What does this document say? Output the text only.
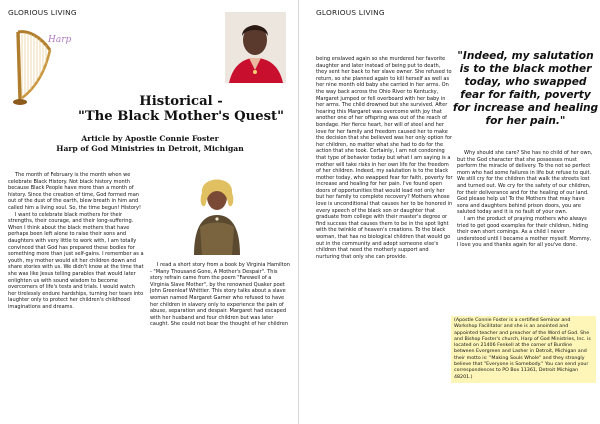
GLORIOUS LIVING
Harp
Historical -
"The Black Mother's Quest"
Article by Apostle Connie Foster
Harp of God Ministries in Detroit, Michigan

The month of February is the month when we celebrate Black History. Not black history month because Black People have more than a month of history. Since the creation of time, God formed man out of the dust of the earth, blew breath in him and called him a living soul. So, the time begun! History!

I want to celebrate black mothers for their strengths, their courage, and their long-suffering. When I think about the black mothers that have perhaps been left alone to raise their sons and daughters with very little to work with, I am totally convinced that God has prepared these bodies for something more than just self-gains. I remember as a youth, my mother would sit her children down and share stories with us. We didn't know at the time that she was like Jesus telling parables that would later enlighten us with sound wisdom to become overcomers of life's tests and trials. I would watch her tirelessly endure hardships, turning her tears into laughter only to protect her children's childhood imaginations and dreams.

I read a short story from a book by Virginia Hamilton - "Many Thousand Gone, A Mother's Despair". This story refrain came from the poem "Farewell of a Virginia Slave Mother", by the renowned Quaker poet John Greenleaf Whittier. This story talks about a slave woman named Margaret Garner who refused to have her children in slavery only to experience the pain of abuse, separation and despair. Margaret had escaped with her husband and four children but was later caught. She could not bear the thought of her children

GLORIOUS LIVING

being enslaved again so she murdered her favorite daughter and later instead of being put to death, they sent her back to her slave owner. She refused to return, so she planned again to kill herself as well as her nine month old baby she carried in her arms. On the way back across the Ohio River to Kentucky, Margaret jumped or fell overboard with her baby in her arms. The child drowned but she survived. After hearing this Margaret was overcome with joy that another one of her offspring was out of the reach of bondage. Her fierce heart, her will of steel and her love for her family and freedom caused her to make the decision that she believed was her only option for her children, no matter what she had to do for the action that she took. Certainly, I am not condoning that type of behavior today but what I am saying is a mother will take risks in her own life for the freedom of her children. Indeed, my salutation is to the black mother today, who swapped fear for faith, poverty for increase and healing for her pain. I've found open doors of opportunities that would lead not only her but her family to complete recovery? Mothers whose love is unconditional that causes her to be honored in every speech of the black son or daughter that graduate from college with their master's degree or find success that causes them to be in the spot light with the twinkle of heaven's creations. To the black woman, that has no biological children that would go out in the community and adopt someone else's children that need the motherly support and nurturing that only she can provide.

"Indeed, my salutation is to the black mother today, who swapped fear for faith, poverty for increase and healing for her pain."

Why should she care? She has no child of her own, but the God character that she possesses must perform the miracle of delivery. To the not so perfect mom who had some failures in life but refuse to quit. We still cry for the children that walk the streets lost and turned out. We cry for the safety of our children, for their deliverance and for the healing of our land. God please help us! To the Mothers that may have sons and daughters behind prison doors, you are saluted today and it is no fault of your own.

I am the product of praying mothers who always tried to get good examples for their children, hiding their own short comings. As a child I never understood until I became a mother myself. Mommy, I love you and thanks again for all you've done.

(Apostle Connie Foster is a certified Seminar and Workshop Facilitator and she is an anointed and appointed teacher and preacher of the Word of God. She and Bishop Foster's church, Harp of God Ministries, Inc. is located on 21406 Fenkell at the corner of Burdine between Evergreen and Lasher in Detroit, Michigan and their motto is: "Making Souls Whole" and they strongly believe that "Everyone is Somebody." You can send your correspondences to PO Box 11361, Detroit Michigan 48201.)
